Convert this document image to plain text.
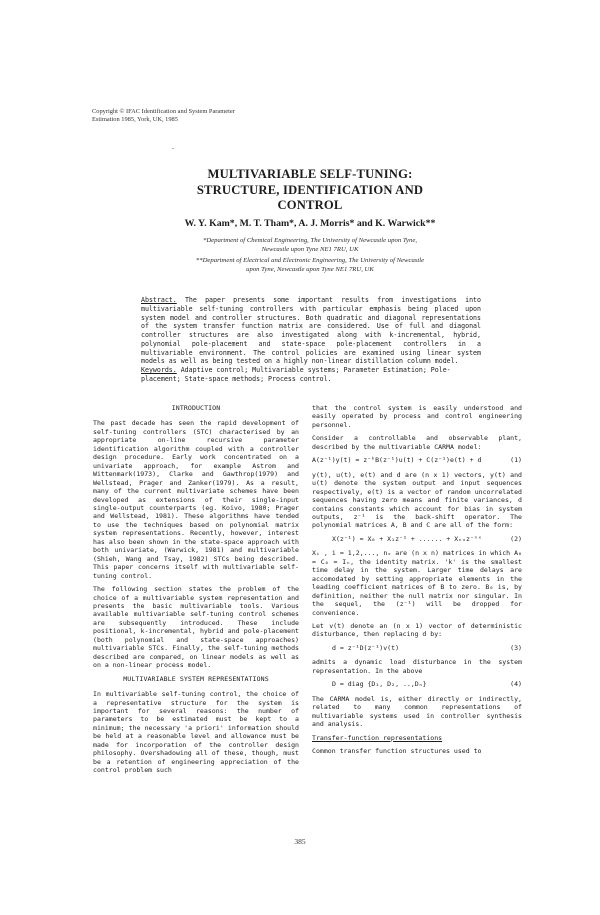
Copyright © IFAC Identification and System Parameter
Estimation 1985, York, UK, 1985
.
MULTIVARIABLE SELF-TUNING:
STRUCTURE, IDENTIFICATION AND
CONTROL
W. Y. Kam*, M. T. Tham*, A. J. Morris* and K. Warwick**
*Department of Chemical Engineering, The University of Newcastle upon Tyne,
Newcastle upon Tyne NE1 7RU, UK
**Department of Electrical and Electronic Engineering, The University of Newcastle
upon Tyne, Newcastle upon Tyne NE1 7RU, UK
Abstract. The paper presents some important results from investigations into multivariable self-tuning controllers with particular emphasis being placed upon system model and controller structures. Both quadratic and diagonal representations of the system transfer function matrix are considered. Use of full and diagonal controller structures are also investigated along with k-incremental, hybrid, polynomial pole-placement and state-space pole-placement controllers in a multivariable environment. The control policies are examined using linear system models as well as being tested on a highly non-linear distillation column model.
Keywords. Adaptive control; Multivariable systems; Parameter Estimation; Pole-placement; State-space methods; Process control.

INTRODUCTION

The past decade has seen the rapid development of self-tuning controllers (STC) characterised by an appropriate on-line recursive parameter identification algorithm coupled with a controller design procedure. Early work concentrated on a univariate approach, for example Astrom and Wittenmark(1973), Clarke and Gawthrop(1979) and Wellstead, Prager and Zanker(1979). As a result, many of the current multivariate schemes have been developed as extensions of their single-input single-output counterparts (eg. Koivo, 1980; Prager and Wellstead, 1981). These algorithms have tended to use the techniques based on polynomial matrix system representations. Recently, however, interest has also been shown in the state-space approach with both univariate, (Warwick, 1981) and multivariable (Shieh, Wang and Tsay, 1982) STCs being described. This paper concerns itself with multivariable self-tuning control.

The following section states the problem of the choice of a multivariable system representation and presents the basic multivariable tools. Various available multivariable self-tuning control schemes are subsequently introduced. These include positional, k-incremental, hybrid and pole-placement (both polynomial and state-space approaches) multivariable STCs. Finally, the self-tuning methods described are compared, on linear models as well as on a non-linear process model.

MULTIVARIABLE SYSTEM REPRESENTATIONS

In multivariable self-tuning control, the choice of a representative structure for the system is important for several reasons: the number of parameters to be estimated must be kept to a minimum; the necessary 'a priori' information should be held at a reasonable level and allowance must be made for incorporation of the controller design philosophy. Overshadowing all of these, though, must be a retention of engineering appreciation of the control problem such

that the control system is easily understood and easily operated by process and control engineering personnel.

Consider a controllable and observable plant, described by the multivariable CARMA model:

A(z⁻¹)y(t) = z⁻ᵏB(z⁻¹)u(t) + C(z⁻¹)e(t) + d	(1)

y(t), u(t), e(t) and d are (n x 1) vectors, y(t) and u(t) denote the system output and input sequences respectively, e(t) is a vector of random uncorrelated sequences having zero means and finite variances, d contains constants which account for bias in system outputs, z⁻¹ is the back-shift operator. The polynomial matrices A, B and C are all of the form:

X(z⁻¹) = X₀ + X₁z⁻¹ + ...... + Xₙₓz⁻ⁿˣ	(2)

Xᵢ , i = 1,2,..., nₓ are (n x n) matrices in which A₀ = C₀ = Iₙ, the identity matrix. 'k' is the smallest time delay in the system. Larger time delays are accomodated by setting appropriate elements in the leading coefficient matrices of B to zero. B₀ is, by definition, neither the null matrix nor singular. In the sequel, the (z⁻¹) will be dropped for convenience.

Let v(t) denote an (n x 1) vector of deterministic disturbance, then replacing d by:

d = z⁻¹D(z⁻¹)v(t)	(3)

admits a dynamic load disturbance in the system representation. In the above

D = diag {D₁, D₂, ..,Dₙ}	(4)

The CARMA model is, either directly or indirectly, related to many common representations of multivariable systems used in controller synthesis and analysis.

Transfer-function representations

Common transfer function structures used to

385
